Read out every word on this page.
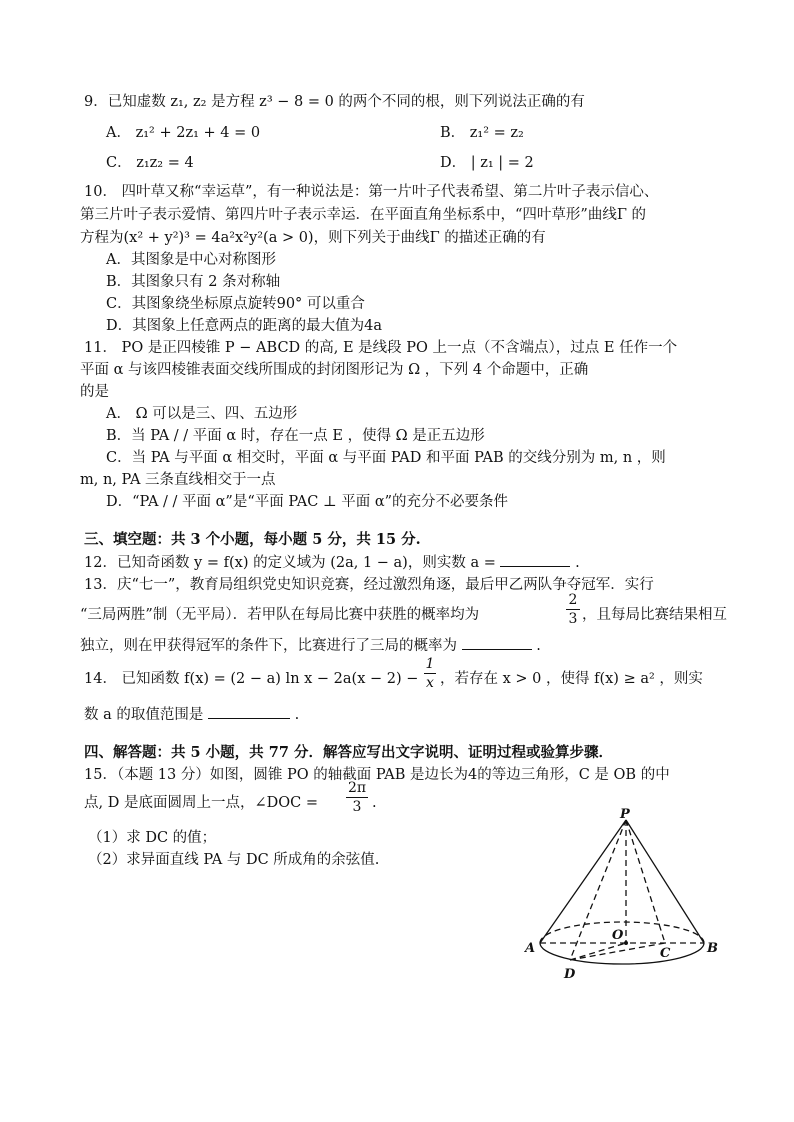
9．已知虚数 z₁, z₂ 是方程 z³ − 8 = 0 的两个不同的根，则下列说法正确的有
A． z₁² + 2z₁ + 4 = 0	B． z₁² = z₂
C． z₁z₂ = 4	D． | z₁ | = 2
10． 四叶草又称“幸运草”，有一种说法是：第一片叶子代表希望、第二片叶子表示信心、
第三片叶子表示爱情、第四片叶子表示幸运．在平面直角坐标系中，“四叶草形”曲线Γ 的
方程为(x² + y²)³ = 4a²x²y²(a > 0)，则下列关于曲线Γ 的描述正确的有
A．其图象是中心对称图形
B．其图象只有 2 条对称轴
C．其图象绕坐标原点旋转90° 可以重合
D．其图象上任意两点的距离的最大值为4a
11． PO 是正四棱锥 P − ABCD 的高, E 是线段 PO 上一点（不含端点），过点 E 任作一个
平面 α 与该四棱锥表面交线所围成的封闭图形记为 Ω ，下列 4 个命题中，正确
的是
A． Ω 可以是三、四、五边形
B．当 PA / / 平面 α 时，存在一点 E ，使得 Ω 是正五边形
C．当 PA 与平面 α 相交时，平面 α 与平面 PAD 和平面 PAB 的交线分别为 m, n ，则
m, n, PA 三条直线相交于一点
D．“PA / / 平面 α”是“平面 PAC ⊥ 平面 α”的充分不必要条件
三、填空题：共 3 个小题，每小题 5 分，共 15 分.
12．已知奇函数 y = f(x) 的定义域为 (2a, 1 − a)，则实数 a =	.
13．庆“七一”，教育局组织党史知识竞赛，经过激烈角逐，最后甲乙两队争夺冠军．实行
“三局两胜”制（无平局）．若甲队在每局比赛中获胜的概率均为
2
3 ，且每局比赛结果相互
独立，则在甲获得冠军的条件下，比赛进行了三局的概率为	.
14． 已知函数 f(x) = (2 − a) ln x − 2a(x − 2) −
1
x ，若存在 x > 0 ，使得 f(x) ≥ a² ，则实
数 a 的取值范围是	.
四、解答题：共 5 小题，共 77 分．解答应写出文字说明、证明过程或验算步骤．
15．（本题 13 分）如图，圆锥 PO 的轴截面 PAB 是边长为4的等边三角形，C 是 OB 的中
点, D 是底面圆周上一点，∠DOC =
2π
3 .
（1）求 DC 的值；
（2）求异面直线 PA 与 DC 所成角的余弦值.
P
A	B
O
C
D
